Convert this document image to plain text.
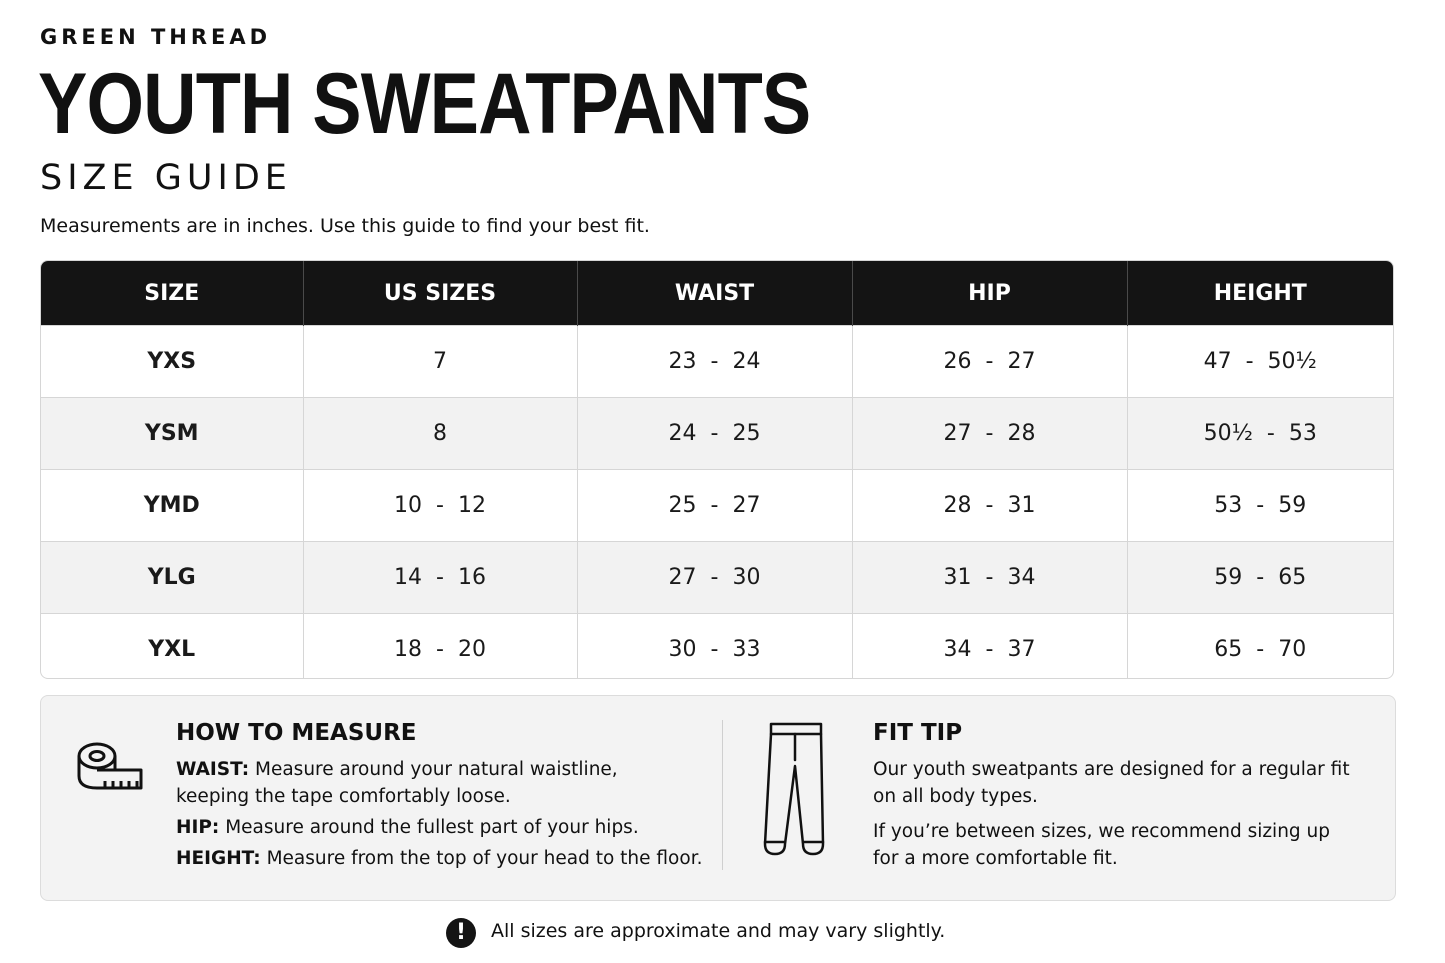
GREEN THREAD
YOUTH SWEATPANTS
SIZE GUIDE
Measurements are in inches. Use this guide to find your best fit.
SIZE	US SIZES	WAIST	HIP	HEIGHT
YXS	7	23  -  24	26  -  27	47  -  50½
YSM	8	24  -  25	27  -  28	50½  -  53
YMD	10  -  12	25  -  27	28  -  31	53  -  59
YLG	14  -  16	27  -  30	31  -  34	59  -  65
YXL	18  -  20	30  -  33	34  -  37	65  -  70
HOW TO MEASURE
WAIST: Measure around your natural waistline,
keeping the tape comfortably loose.
HIP: Measure around the fullest part of your hips.
HEIGHT: Measure from the top of your head to the floor.
FIT TIP
Our youth sweatpants are designed for a regular fit
on all body types.
If you’re between sizes, we recommend sizing up
for a more comfortable fit.
!	All sizes are approximate and may vary slightly.
